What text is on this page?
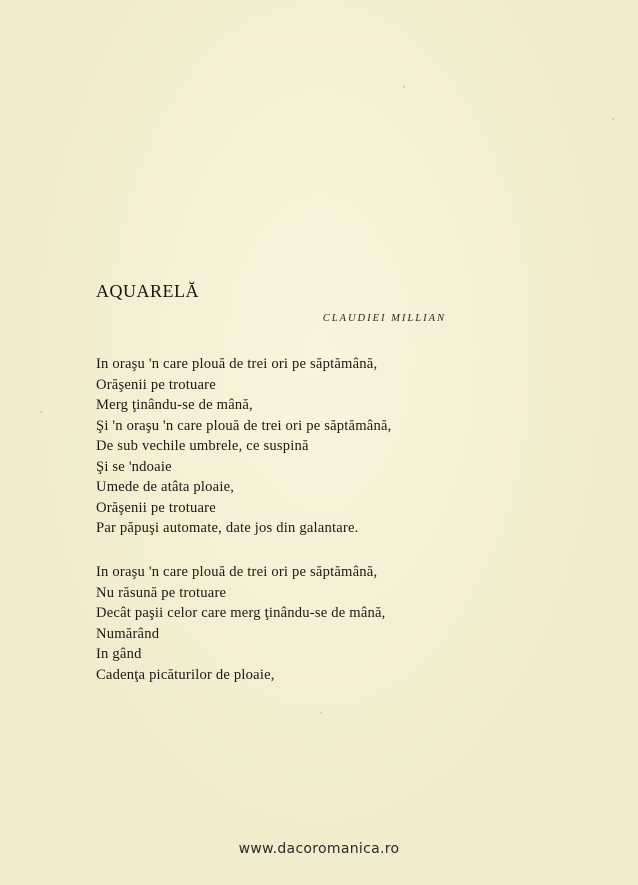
AQUARELĂ
CLAUDIEI MILLIAN
In oraşu 'n care plouă de trei ori pe săptămână,
Orăşenii pe trotuare
Merg ţinându-se de mână,
Şi 'n oraşu 'n care plouă de trei ori pe săptămână,
De sub vechile umbrele, ce suspină
Şi se 'ndoaie
Umede de atâta ploaie,
Orăşenii pe trotuare
Par păpuşi automate, date jos din galantare.
In oraşu 'n care plouă de trei ori pe săptămână,
Nu răsună pe trotuare
Decât paşii celor care merg ţinându-se de mână,
Numărând
In gând
Cadenţa picăturilor de ploaie,
www.dacoromanica.ro
